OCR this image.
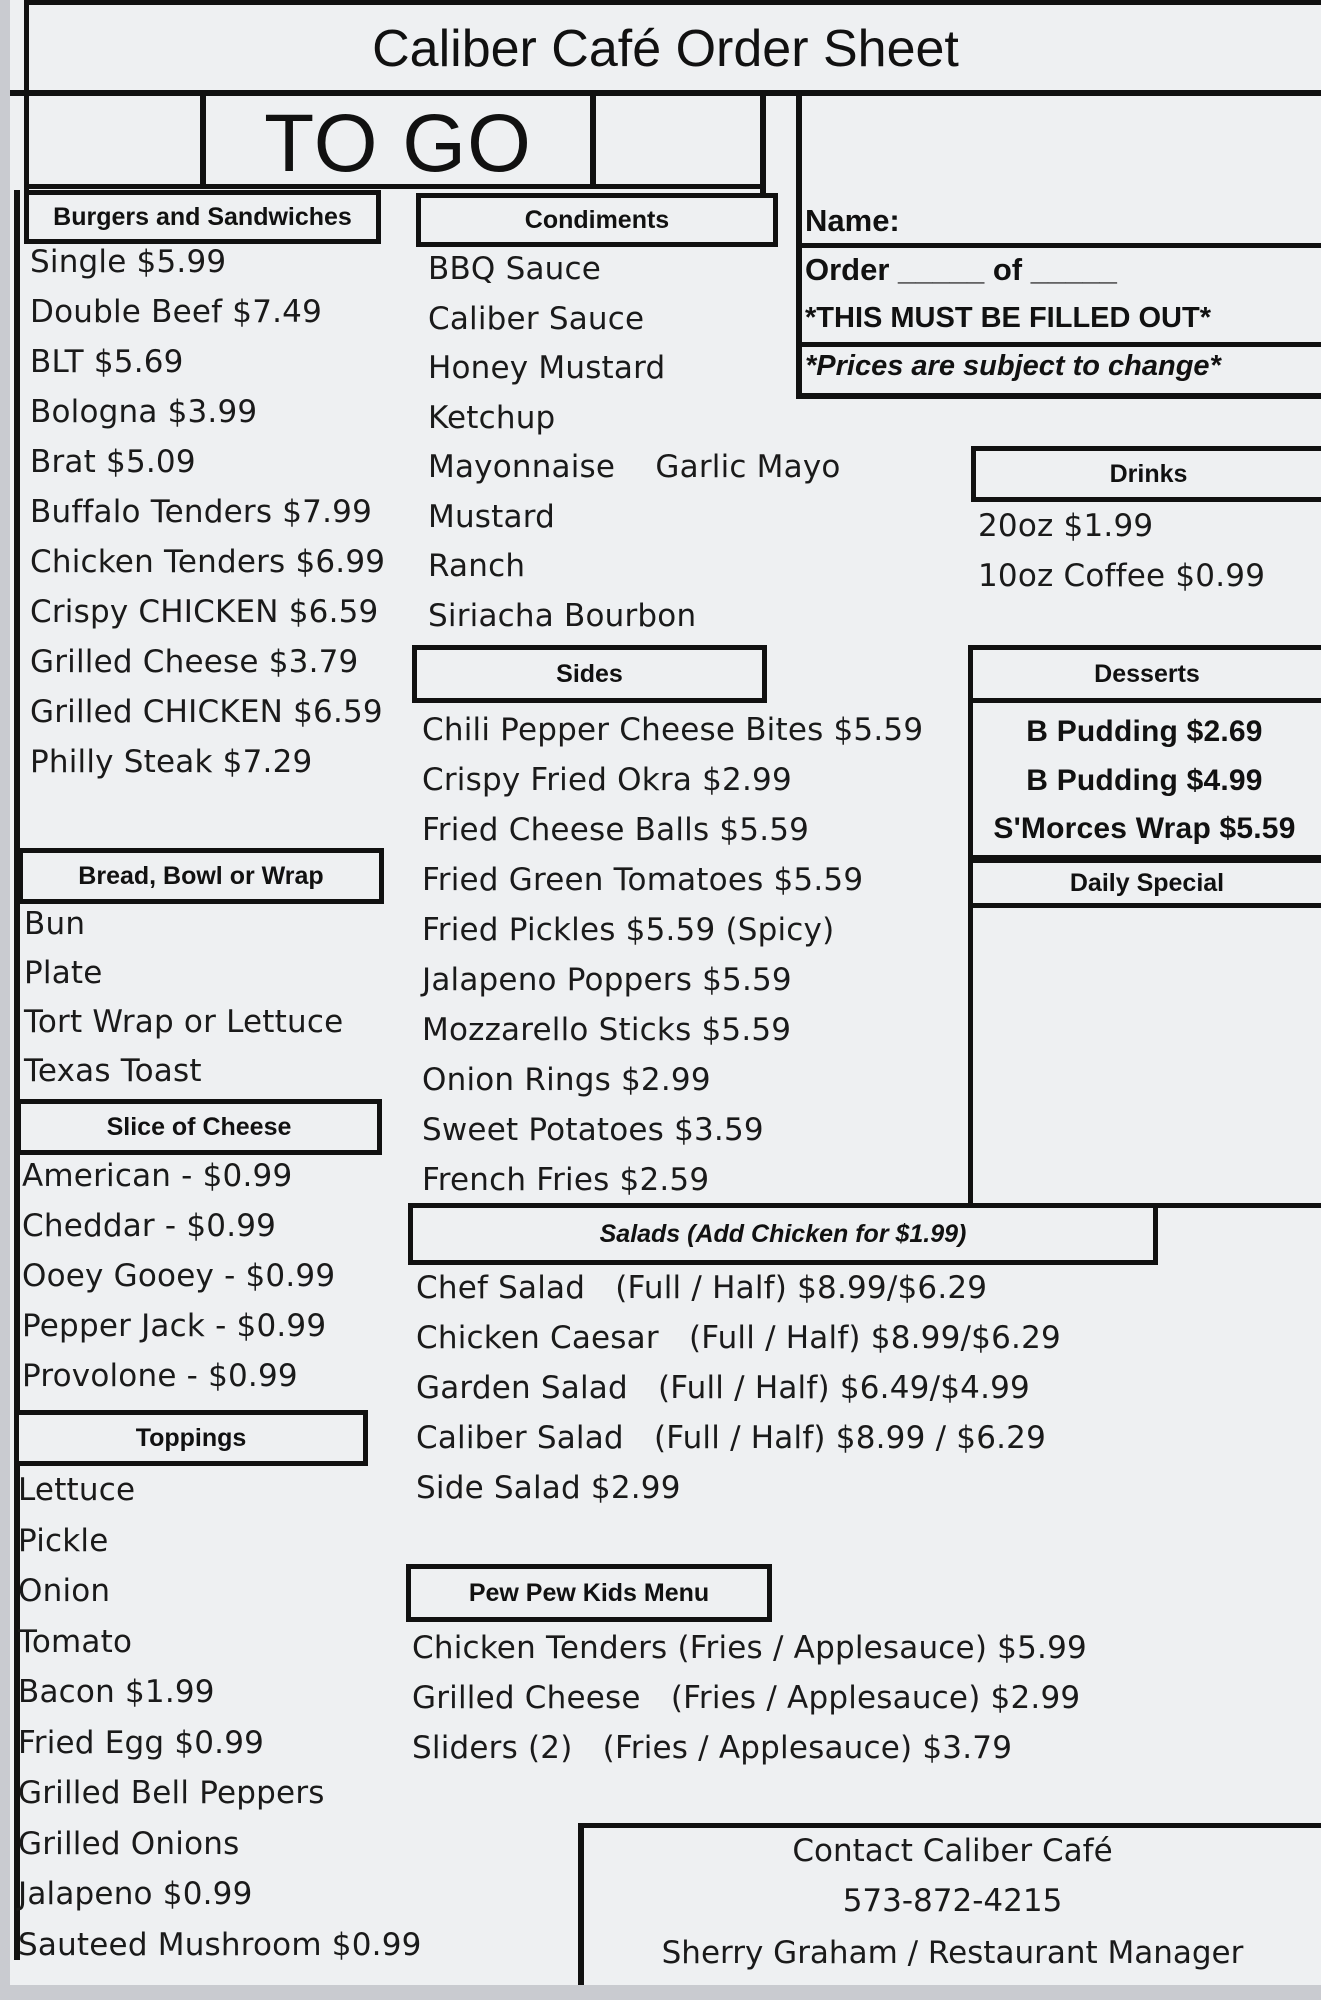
Caliber Café Order Sheet
TO GO
Name:
Order _____ of _____
*THIS MUST BE FILLED OUT*
*Prices are subject to change*
Burgers and Sandwiches
Single $5.99
Double Beef $7.49
BLT $5.69
Bologna $3.99
Brat $5.09
Buffalo Tenders $7.99
Chicken Tenders $6.99
Crispy CHICKEN $6.59
Grilled Cheese $3.79
Grilled CHICKEN $6.59
Philly Steak $7.29
Bread, Bowl or Wrap
Bun
Plate
Tort Wrap or Lettuce
Texas Toast
Slice of Cheese
American - $0.99
Cheddar - $0.99
Ooey Gooey - $0.99
Pepper Jack - $0.99
Provolone - $0.99
Toppings
Lettuce
Pickle
Onion
Tomato
Bacon $1.99
Fried Egg $0.99
Grilled Bell Peppers
Grilled Onions
Jalapeno $0.99
Sauteed Mushroom $0.99
Condiments
BBQ Sauce
Caliber Sauce
Honey Mustard
Ketchup
Mayonnaise    Garlic Mayo
Mustard
Ranch
Siriacha Bourbon
Sides
Chili Pepper Cheese Bites $5.59
Crispy Fried Okra $2.99
Fried Cheese Balls $5.59
Fried Green Tomatoes $5.59
Fried Pickles $5.59 (Spicy)
Jalapeno Poppers $5.59
Mozzarello Sticks $5.59
Onion Rings $2.99
Sweet Potatoes $3.59
French Fries $2.59
Salads (Add Chicken for $1.99)
Chef Salad   (Full / Half) $8.99/$6.29
Chicken Caesar   (Full / Half) $8.99/$6.29
Garden Salad   (Full / Half) $6.49/$4.99
Caliber Salad   (Full / Half) $8.99 / $6.29
Side Salad $2.99
Pew Pew Kids Menu
Chicken Tenders (Fries / Applesauce) $5.99
Grilled Cheese   (Fries / Applesauce) $2.99
Sliders (2)   (Fries / Applesauce) $3.79
Drinks
20oz $1.99
10oz Coffee $0.99
Desserts
B Pudding $2.69
B Pudding $4.99
S'Morces Wrap $5.59
Daily Special
Contact Caliber Café
573-872-4215
Sherry Graham / Restaurant Manager
